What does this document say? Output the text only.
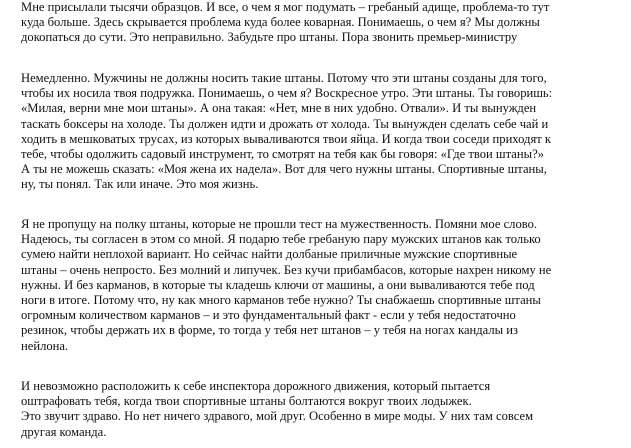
Мне присылали тысячи образцов. И все, о чем я мог подумать – гребаный адище, проблема-то тут
куда больше. Здесь скрывается проблема куда более коварная. Понимаешь, о чем я? Мы должны
докопаться до сути. Это неправильно. Забудьте про штаны. Пора звонить премьер-министру

Немедленно. Мужчины не должны носить такие штаны. Потому что эти штаны созданы для того,
чтобы их носила твоя подружка. Понимаешь, о чем я? Воскресное утро. Эти штаны. Ты говоришь:
«Милая, верни мне мои штаны». А она такая: «Нет, мне в них удобно. Отвали». И ты вынужден
таскать боксеры на холоде. Ты должен идти и дрожать от холода. Ты вынужден сделать себе чай и
ходить в мешковатых трусах, из которых вываливаются твои яйца. И когда твои соседи приходят к
тебе, чтобы одолжить садовый инструмент, то смотрят на тебя как бы говоря: «Где твои штаны?»
А ты не можешь сказать: «Моя жена их надела». Вот для чего нужны штаны. Спортивные штаны,
ну, ты понял. Так или иначе. Это моя жизнь.

Я не пропущу на полку штаны, которые не прошли тест на мужественность. Помяни мое слово.
Надеюсь, ты согласен в этом со мной. Я подарю тебе гребаную пару мужских штанов как только
сумею найти неплохой вариант. Но сейчас найти долбаные приличные мужские спортивные
штаны – очень непросто. Без молний и липучек. Без кучи прибамбасов, которые нахрен никому не
нужны. И без карманов, в которые ты кладешь ключи от машины, а они вываливаются тебе под
ноги в итоге. Потому что, ну как много карманов тебе нужно? Ты снабжаешь спортивные штаны
огромным количеством карманов – и это фундаментальный факт - если у тебя недостаточно
резинок, чтобы держать их в форме, то тогда у тебя нет штанов – у тебя на ногах кандалы из
нейлона.

И невозможно расположить к себе инспектора дорожного движения, который пытается
оштрафовать тебя, когда твои спортивные штаны болтаются вокруг твоих лодыжек.
Это звучит здраво. Но нет ничего здравого, мой друг. Особенно в мире моды. У них там совсем
другая команда.
